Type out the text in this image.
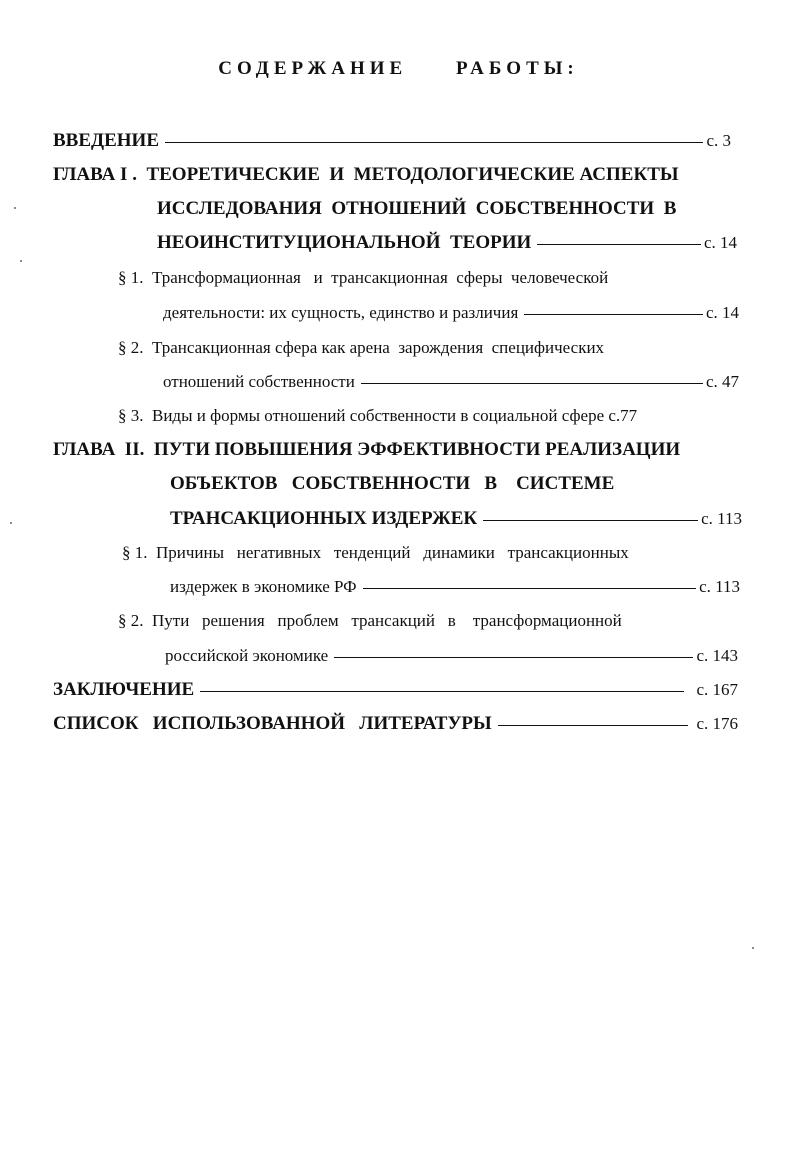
СОДЕРЖАНИЕ     РАБОТЫ:
ВВЕДЕНИЕ	с. 3
ГЛАВА I .  ТЕОРЕТИЧЕСКИЕ  И  МЕТОДОЛОГИЧЕСКИЕ АСПЕКТЫ
ИССЛЕДОВАНИЯ  ОТНОШЕНИЙ  СОБСТВЕННОСТИ  В
НЕОИНСТИТУЦИОНАЛЬНОЙ  ТЕОРИИ	с. 14
§ 1.
Трансформационная   и  трансакционная  сферы  человеческой
деятельности: их сущность, единство и различия	с. 14
§ 2.
Трансакционная сфера как арена  зарождения  специфических
отношений собственности	с. 47
§ 3.
Виды и формы отношений собственности в социальной сфере с.77
ГЛАВА  II.  ПУТИ ПОВЫШЕНИЯ ЭФФЕКТИВНОСТИ РЕАЛИЗАЦИИ
ОБЪЕКТОВ   СОБСТВЕННОСТИ   В    СИСТЕМЕ
ТРАНСАКЦИОННЫХ ИЗДЕРЖЕК	с. 113
§ 1.
Причины   негативных   тенденций   динамики   трансакционных
издержек в экономике РФ	с. 113
§ 2.
Пути   решения   проблем   трансакций   в    трансформационной
российской экономике	с. 143
ЗАКЛЮЧЕНИЕ	с. 167
СПИСОК   ИСПОЛЬЗОВАННОЙ   ЛИТЕРАТУРЫ	с. 176
